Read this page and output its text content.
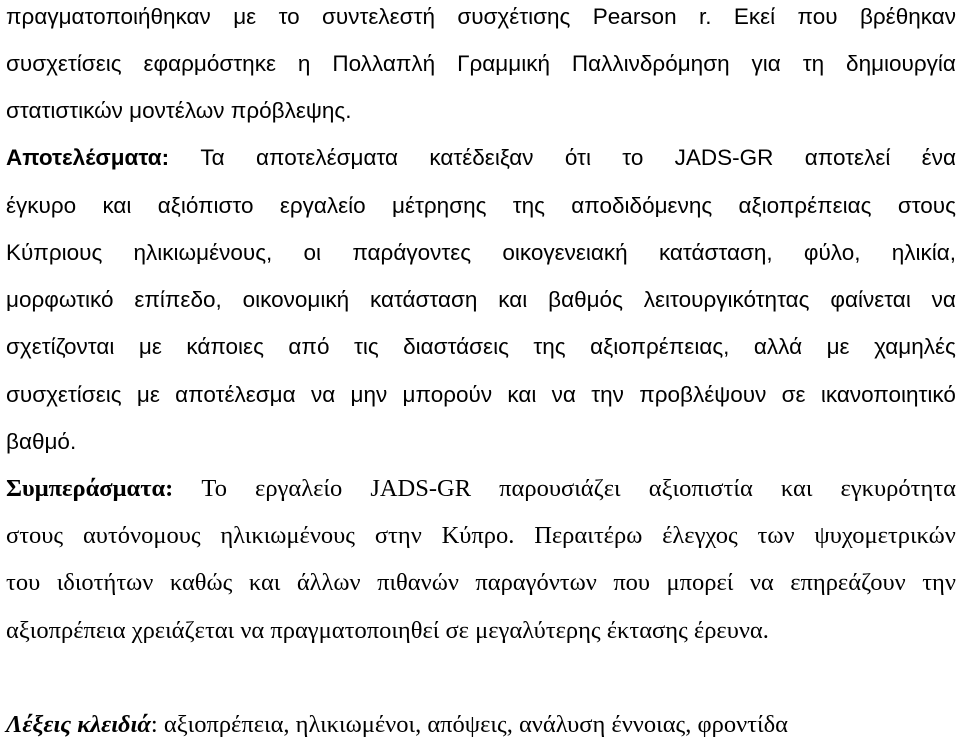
πραγματοποιήθηκαν με το συντελεστή συσχέτισης Pearson r. Εκεί που βρέθηκαν
συσχετίσεις εφαρμόστηκε η Πολλαπλή Γραμμική Παλλινδρόμηση για τη δημιουργία
στατιστικών μοντέλων πρόβλεψης.
Αποτελέσματα: Τα αποτελέσματα κατέδειξαν ότι το JADS-GR αποτελεί ένα
έγκυρο και αξιόπιστο εργαλείο μέτρησης της αποδιδόμενης αξιοπρέπειας στους
Κύπριους ηλικιωμένους, οι παράγοντες οικογενειακή κατάσταση, φύλο, ηλικία,
μορφωτικό επίπεδο, οικονομική κατάσταση και βαθμός λειτουργικότητας φαίνεται να
σχετίζονται με κάποιες από τις διαστάσεις της αξιοπρέπειας, αλλά με χαμηλές
συσχετίσεις με αποτέλεσμα να μην μπορούν και να την προβλέψουν σε ικανοποιητικό
βαθμό.
Συμπεράσματα: Το εργαλείο JADS-GR παρουσιάζει αξιοπιστία και εγκυρότητα
στους αυτόνομους ηλικιωμένους στην Κύπρο. Περαιτέρω έλεγχος των ψυχομετρικών
του ιδιοτήτων καθώς και άλλων πιθανών παραγόντων που μπορεί να επηρεάζουν την
αξιοπρέπεια χρειάζεται να πραγματοποιηθεί σε μεγαλύτερης έκτασης έρευνα.
Λέξεις κλειδιά: αξιοπρέπεια, ηλικιωμένοι, απόψεις, ανάλυση έννοιας, φροντίδα
